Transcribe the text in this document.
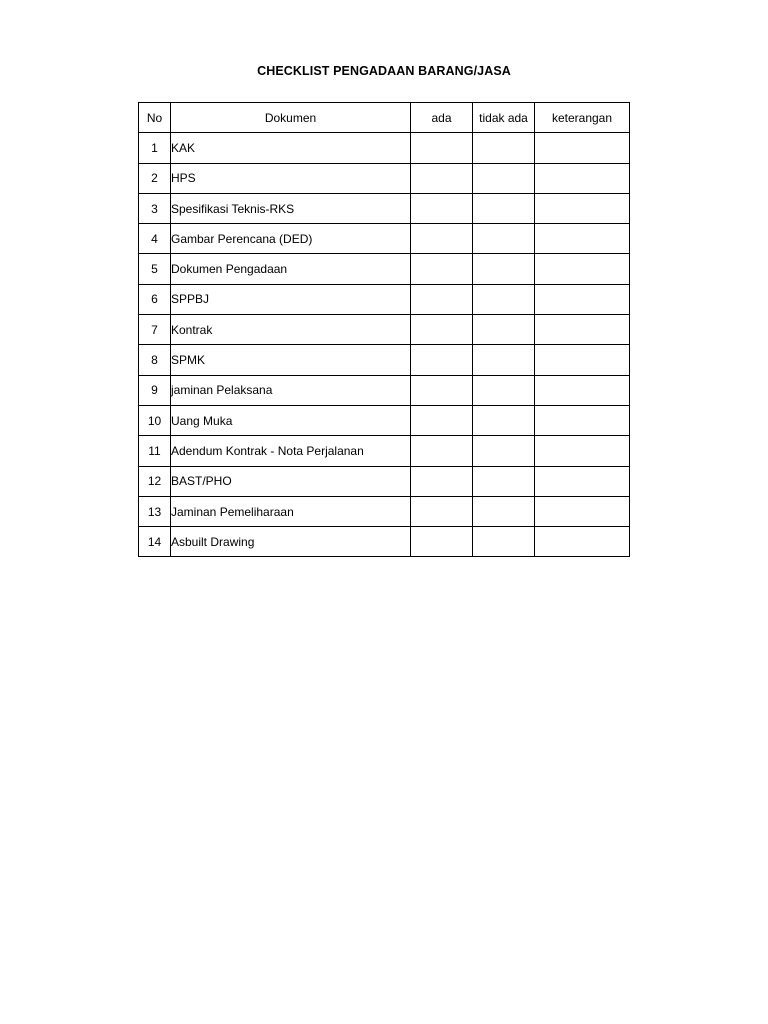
CHECKLIST PENGADAAN BARANG/JASA
No	Dokumen	ada	tidak ada	keterangan
1	KAK			
2	HPS			
3	Spesifikasi Teknis-RKS			
4	Gambar Perencana (DED)			
5	Dokumen Pengadaan			
6	SPPBJ			
7	Kontrak			
8	SPMK			
9	jaminan Pelaksana			
10	Uang Muka			
11	Adendum Kontrak - Nota Perjalanan			
12	BAST/PHO			
13	Jaminan Pemeliharaan			
14	Asbuilt Drawing			
